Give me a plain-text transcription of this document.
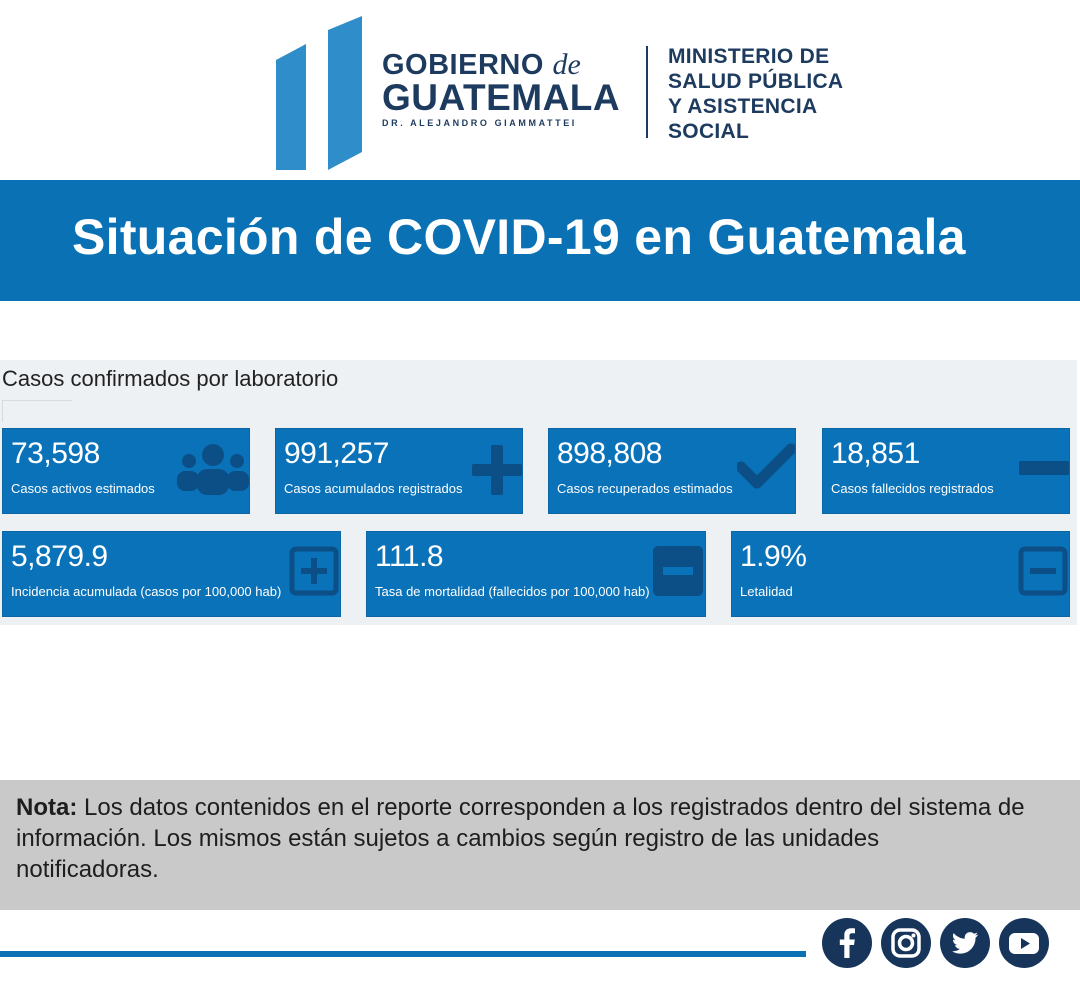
GOBIERNO de
GUATEMALA
DR. ALEJANDRO GIAMMATTEI
MINISTERIO DE
SALUD PÚBLICA
Y ASISTENCIA
SOCIAL
Situación de COVID-19 en Guatemala
Casos confirmados por laboratorio
73,598
Casos activos estimados
991,257
Casos acumulados registrados
898,808
Casos recuperados estimados
18,851
Casos fallecidos registrados
5,879.9
Incidencia acumulada (casos por 100,000 hab)
111.8
Tasa de mortalidad (fallecidos por 100,000 hab)
1.9%
Letalidad
Nota: Los datos contenidos en el reporte corresponden a los registrados dentro del sistema de información. Los mismos están sujetos a cambios según registro de las unidades notificadoras.
